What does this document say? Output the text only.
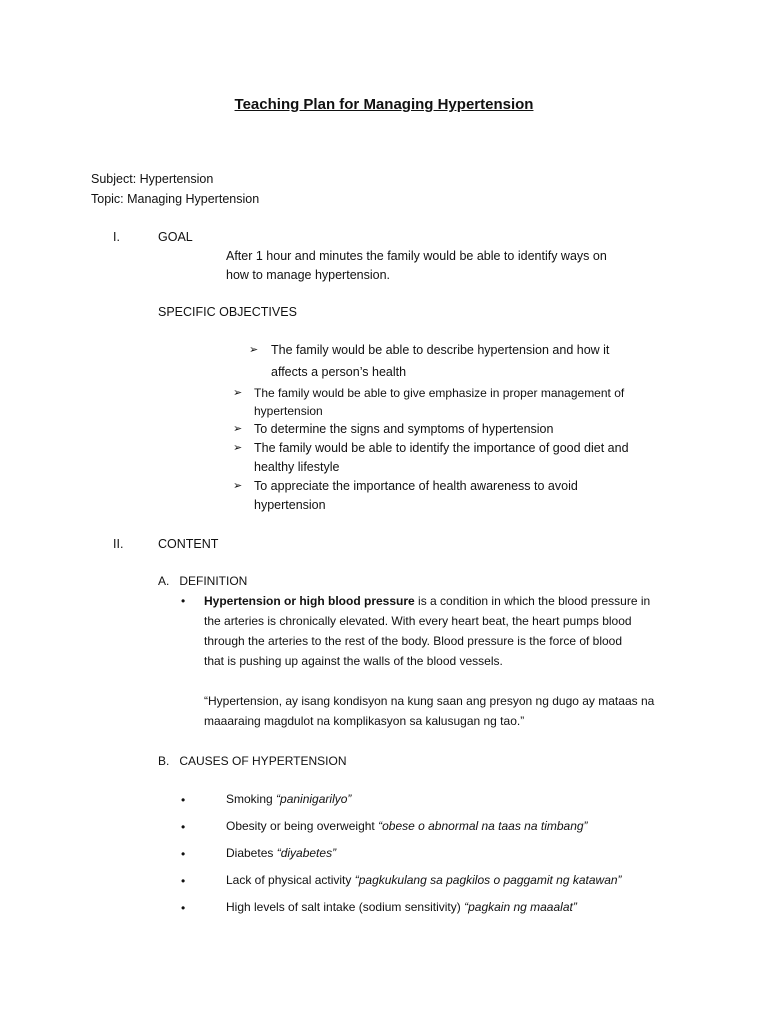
Teaching Plan for Managing Hypertension
Subject: Hypertension
Topic: Managing Hypertension
I.	GOAL
After 1 hour and minutes the family would be able to identify ways on
how to manage hypertension.
SPECIFIC OBJECTIVES
➢ The family would be able to describe hypertension and how it
affects a person’s health
➢ The family would be able to give emphasize in proper management of
hypertension
➢ To determine the signs and symptoms of hypertension
➢ The family would be able to identify the importance of good diet and
healthy lifestyle
➢ To appreciate the importance of health awareness to avoid
hypertension
II.	CONTENT
A.   DEFINITION
• Hypertension or high blood pressure is a condition in which the blood pressure in
the arteries is chronically elevated. With every heart beat, the heart pumps blood
through the arteries to the rest of the body. Blood pressure is the force of blood
that is pushing up against the walls of the blood vessels.
“Hypertension, ay isang kondisyon na kung saan ang presyon ng dugo ay mataas na
maaaraing magdulot na komplikasyon sa kalusugan ng tao.”
B.   CAUSES OF HYPERTENSION
•	Smoking “paninigarilyo”
•	Obesity or being overweight “obese o abnormal na taas na timbang”
•	Diabetes “diyabetes”
•	Lack of physical activity “pagkukulang sa pagkilos o paggamit ng katawan”
•	High levels of salt intake (sodium sensitivity) “pagkain ng maaalat”
